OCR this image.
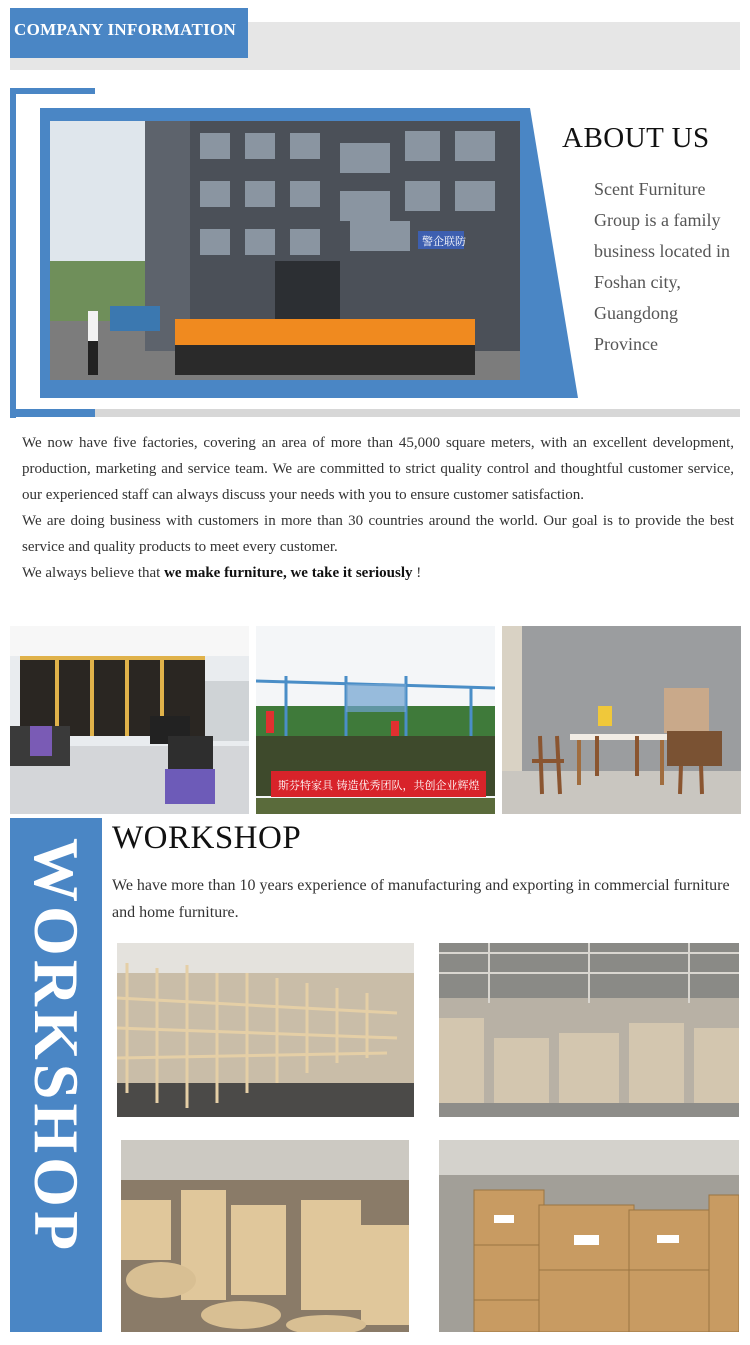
COMPANY INFORMATION
警企联防
ABOUT US
Scent Furniture Group is a family business located in Foshan city, Guangdong Province

We now have five factories, covering an area of more than 45,000 square meters, with an excellent development, production, marketing and service team. We are committed to strict quality control and thoughtful customer service, our experienced staff can always discuss your needs with you to ensure customer satisfaction.

We are doing business with customers in more than 30 countries around the world. Our goal is to provide the best service and quality products to meet every customer.

We always believe that we make furniture, we take it seriously !

斯芬特家具 铸造优秀团队，共创企业辉煌
WORKSHOP WORKSHOP
We have more than 10 years experience of manufacturing and exporting in commercial furniture and home furniture.
